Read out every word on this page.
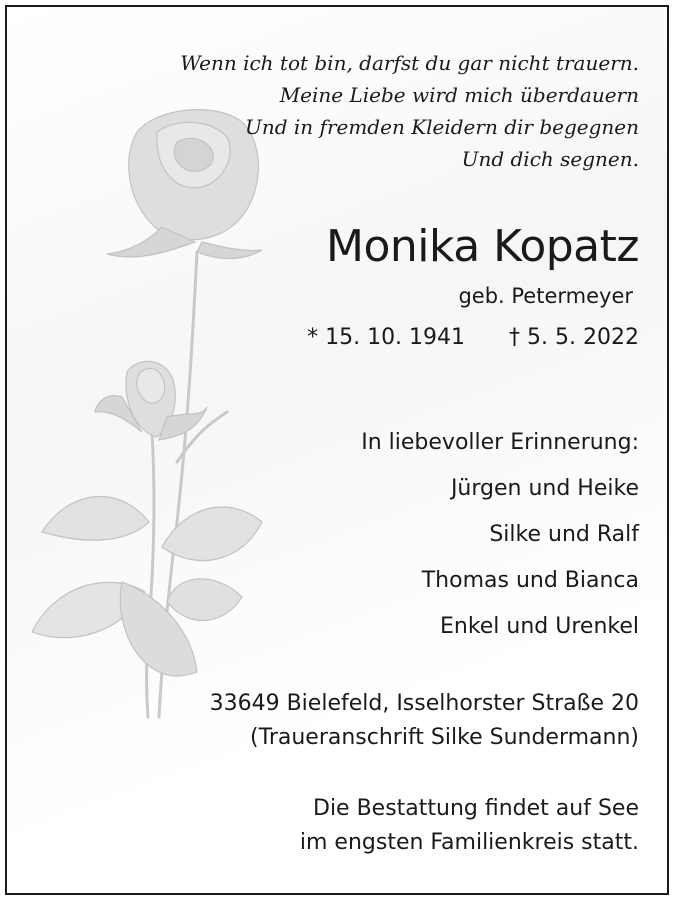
Wenn ich tot bin, darfst du gar nicht trauern.
Meine Liebe wird mich überdauern
Und in fremden Kleidern dir begegnen
Und dich segnen.
Monika Kopatz
geb. Petermeyer
* 15. 10. 1941 † 5. 5. 2022
In liebevoller Erinnerung:
Jürgen und Heike
Silke und Ralf
Thomas und Bianca
Enkel und Urenkel
33649 Bielefeld, Isselhorster Straße 20
(Traueranschrift Silke Sundermann)
Die Bestattung findet auf See
im engsten Familienkreis statt.
